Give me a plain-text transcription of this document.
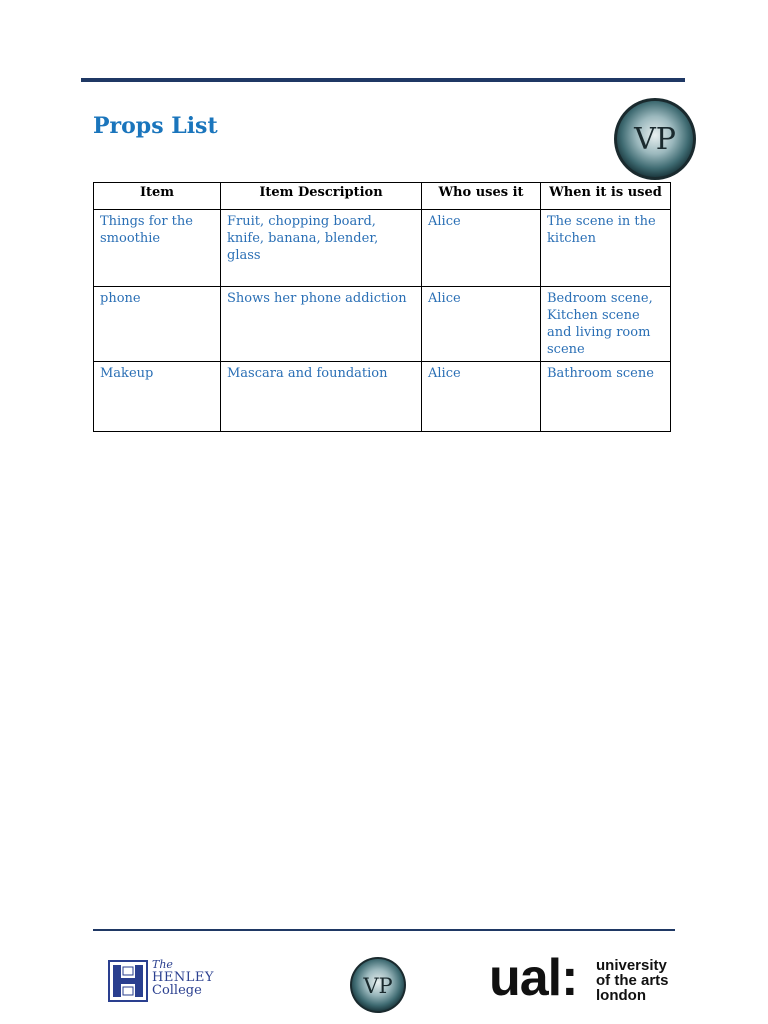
Props List	VP
Item	Item Description	Who uses it	When it is used
Things for the smoothie	Fruit, chopping board, knife, banana, blender, glass	Alice	The scene in the kitchen
phone	Shows her phone addiction	Alice	Bedroom scene, Kitchen scene and living room scene
Makeup	Mascara and foundation	Alice	Bathroom scene
The
HENLEY
College	VP ual: university
of the arts
london
